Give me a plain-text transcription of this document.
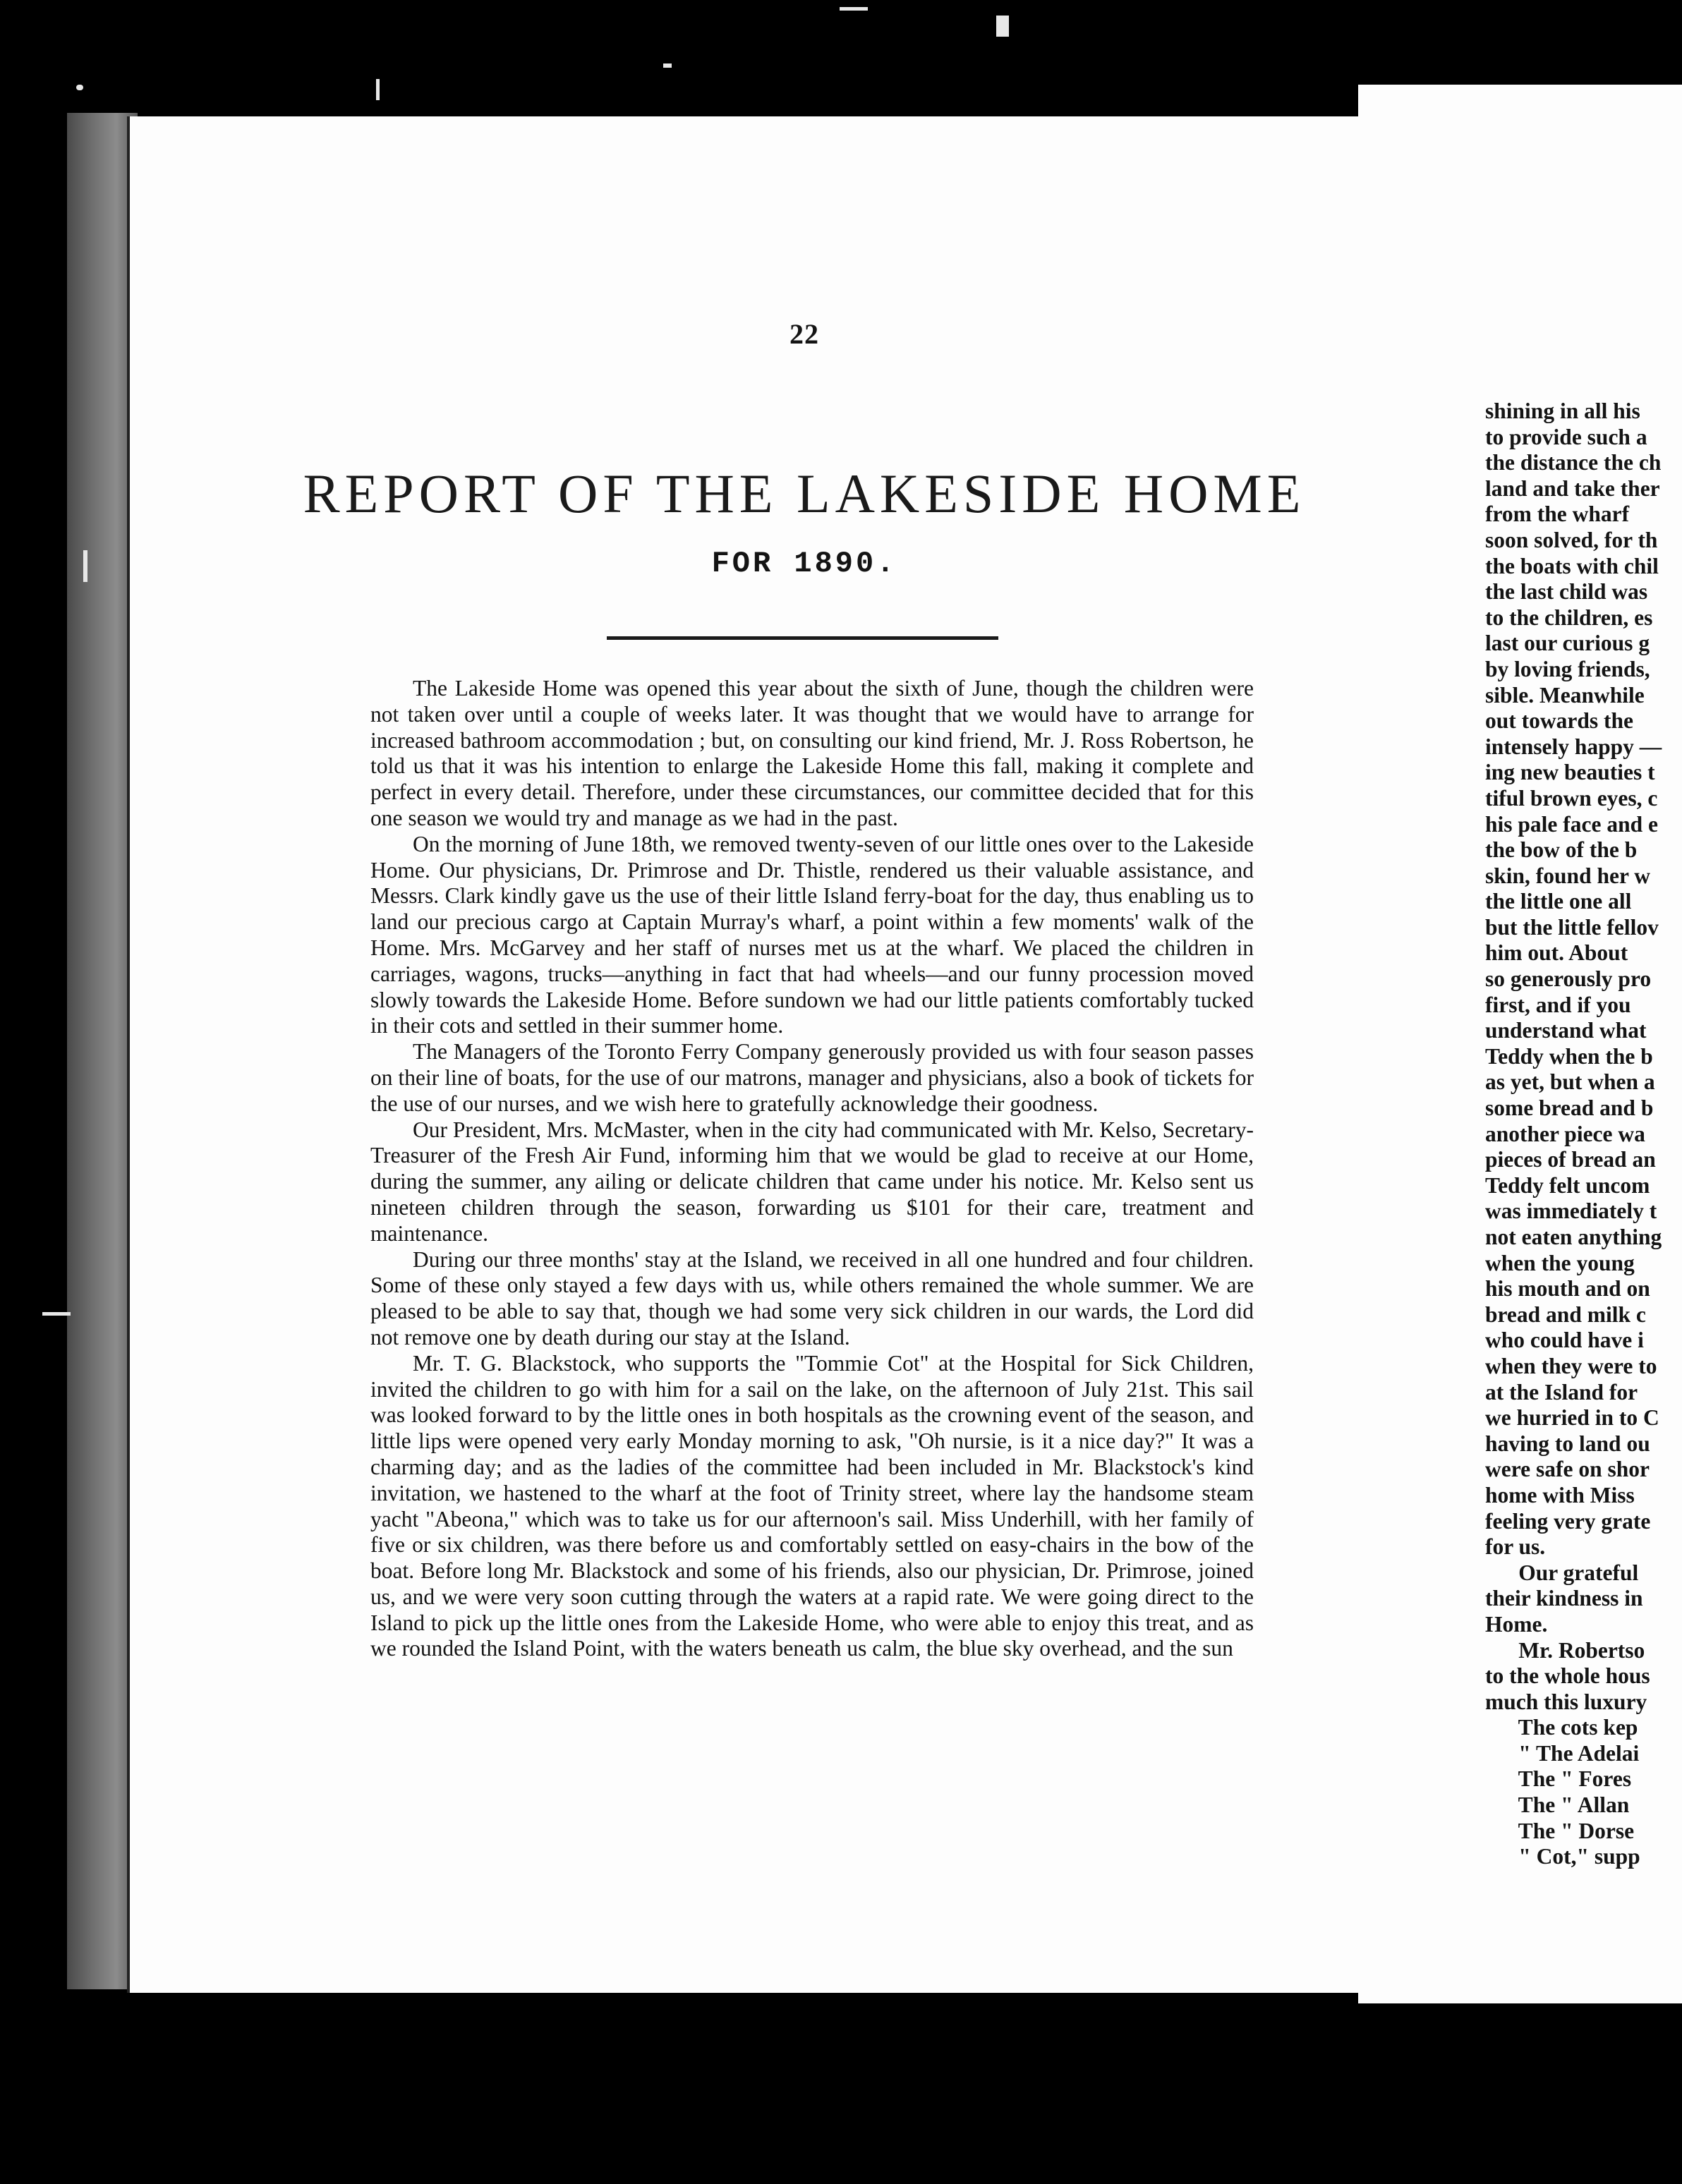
22
REPORT OF THE LAKESIDE HOME
FOR 1890.

The Lakeside Home was opened this year about the sixth of June, though the children were not taken over until a couple of weeks later. It was thought that we would have to arrange for increased bathroom accommodation ; but, on consulting our kind friend, Mr. J. Ross Robertson, he told us that it was his intention to enlarge the Lakeside Home this fall, making it complete and perfect in every detail. Therefore, under these circumstances, our committee decided that for this one season we would try and manage as we had in the past.

On the morning of June 18th, we removed twenty-seven of our little ones over to the Lakeside Home. Our physicians, Dr. Primrose and Dr. Thistle, rendered us their valuable assistance, and Messrs. Clark kindly gave us the use of their little Island ferry-boat for the day, thus enabling us to land our precious cargo at Captain Murray's wharf, a point within a few moments' walk of the Home. Mrs. McGarvey and her staff of nurses met us at the wharf. We placed the children in carriages, wagons, trucks—anything in fact that had wheels—and our funny procession moved slowly towards the Lakeside Home. Before sundown we had our little patients comfortably tucked in their cots and settled in their summer home.

The Managers of the Toronto Ferry Company generously provided us with four season passes on their line of boats, for the use of our matrons, manager and physicians, also a book of tickets for the use of our nurses, and we wish here to gratefully acknowledge their goodness.

Our President, Mrs. McMaster, when in the city had communicated with Mr. Kelso, Secretary-Treasurer of the Fresh Air Fund, informing him that we would be glad to receive at our Home, during the summer, any ailing or delicate children that came under his notice. Mr. Kelso sent us nineteen children through the season, forwarding us $101 for their care, treatment and maintenance.

During our three months' stay at the Island, we received in all one hundred and four children. Some of these only stayed a few days with us, while others remained the whole summer. We are pleased to be able to say that, though we had some very sick children in our wards, the Lord did not remove one by death during our stay at the Island.

Mr. T. G. Blackstock, who supports the "Tommie Cot" at the Hospital for Sick Children, invited the children to go with him for a sail on the lake, on the afternoon of July 21st. This sail was looked forward to by the little ones in both hospitals as the crowning event of the season, and little lips were opened very early Monday morning to ask, "Oh nursie, is it a nice day?" It was a charming day; and as the ladies of the committee had been included in Mr. Blackstock's kind invitation, we hastened to the wharf at the foot of Trinity street, where lay the handsome steam yacht "Abeona," which was to take us for our afternoon's sail. Miss Underhill, with her family of five or six children, was there before us and comfortably settled on easy-chairs in the bow of the boat. Before long Mr. Blackstock and some of his friends, also our physician, Dr. Primrose, joined us, and we were very soon cutting through the waters at a rapid rate. We were going direct to the Island to pick up the little ones from the Lakeside Home, who were able to enjoy this treat, and as we rounded the Island Point, with the waters beneath us calm, the blue sky overhead, and the sun

shining in all his
to provide such a
the distance the ch
land and take ther
from the wharf
soon solved, for th
the boats with chil
the last child was
to the children, es
last our curious g
by loving friends,
sible. Meanwhile
out towards the
intensely happy —
ing new beauties t
tiful brown eyes, c
his pale face and e
the bow of the b
skin, found her w
the little one all
but the little fellov
him out. About
so generously pro
first, and if you
understand what
Teddy when the b
as yet, but when a
some bread and b
another piece wa
pieces of bread an
Teddy felt uncom
was immediately t
not eaten anything
when the young
his mouth and on
bread and milk c
who could have i
when they were to
at the Island for
we hurried in to C
having to land ou
were safe on shor
home with Miss
feeling very grate
for us.
Our grateful
their kindness in
Home.
Mr. Robertso
to the whole hous
much this luxury
The cots kep
" The Adelai
The " Fores
The " Allan
The " Dorse
" Cot," supp
